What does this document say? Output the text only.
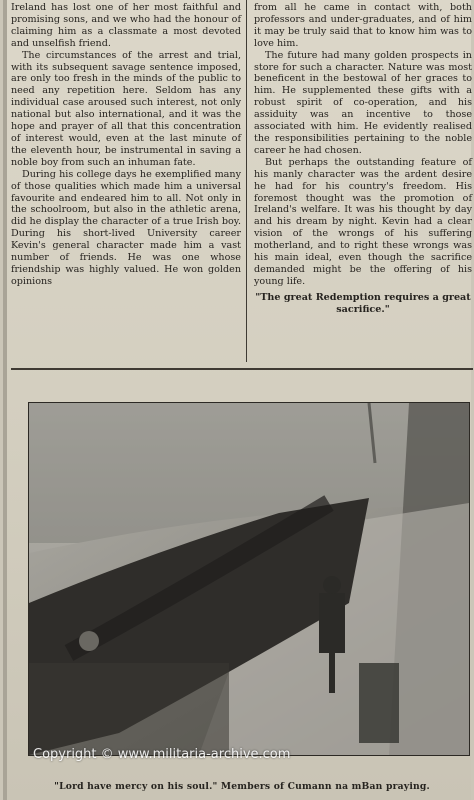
Ireland has lost one of her most faithful and promising sons, and we who had the honour of claiming him as a classmate a most devoted and unselfish friend.

The circumstances of the arrest and trial, with its subsequent savage sentence imposed, are only too fresh in the minds of the public to need any repetition here. Seldom has any individual case aroused such interest, not only national but also international, and it was the hope and prayer of all that this concentration of interest would, even at the last minute of the eleventh hour, be instrumental in saving a noble boy from such an inhuman fate.

During his college days he exemplified many of those qualities which made him a universal favourite and endeared him to all. Not only in the schoolroom, but also in the athletic arena, did he display the character of a true Irish boy. During his short-lived University career Kevin's general character made him a vast number of friends. He was one whose friendship was highly valued. He won golden opinions

from all he came in contact with, both professors and under-graduates, and of him it may be truly said that to know him was to love him.

The future had many golden prospects in store for such a character. Nature was most beneficent in the bestowal of her graces to him. He supplemented these gifts with a robust spirit of co-operation, and his assiduity was an incentive to those associated with him. He evidently realised the responsibilities pertaining to the noble career he had chosen.

But perhaps the outstanding feature of his manly character was the ardent desire he had for his country's freedom. His foremost thought was the promotion of Ireland's welfare. It was his thought by day and his dream by night. Kevin had a clear vision of the wrongs of his suffering motherland, and to right these wrongs was his main ideal, even though the sacrifice demanded might be the offering of his young life.

"The great Redemption requires a great sacrifice."
Copyright © www.militaria-archive.com
"Lord have mercy on his soul." Members of Cumann na mBan praying.
